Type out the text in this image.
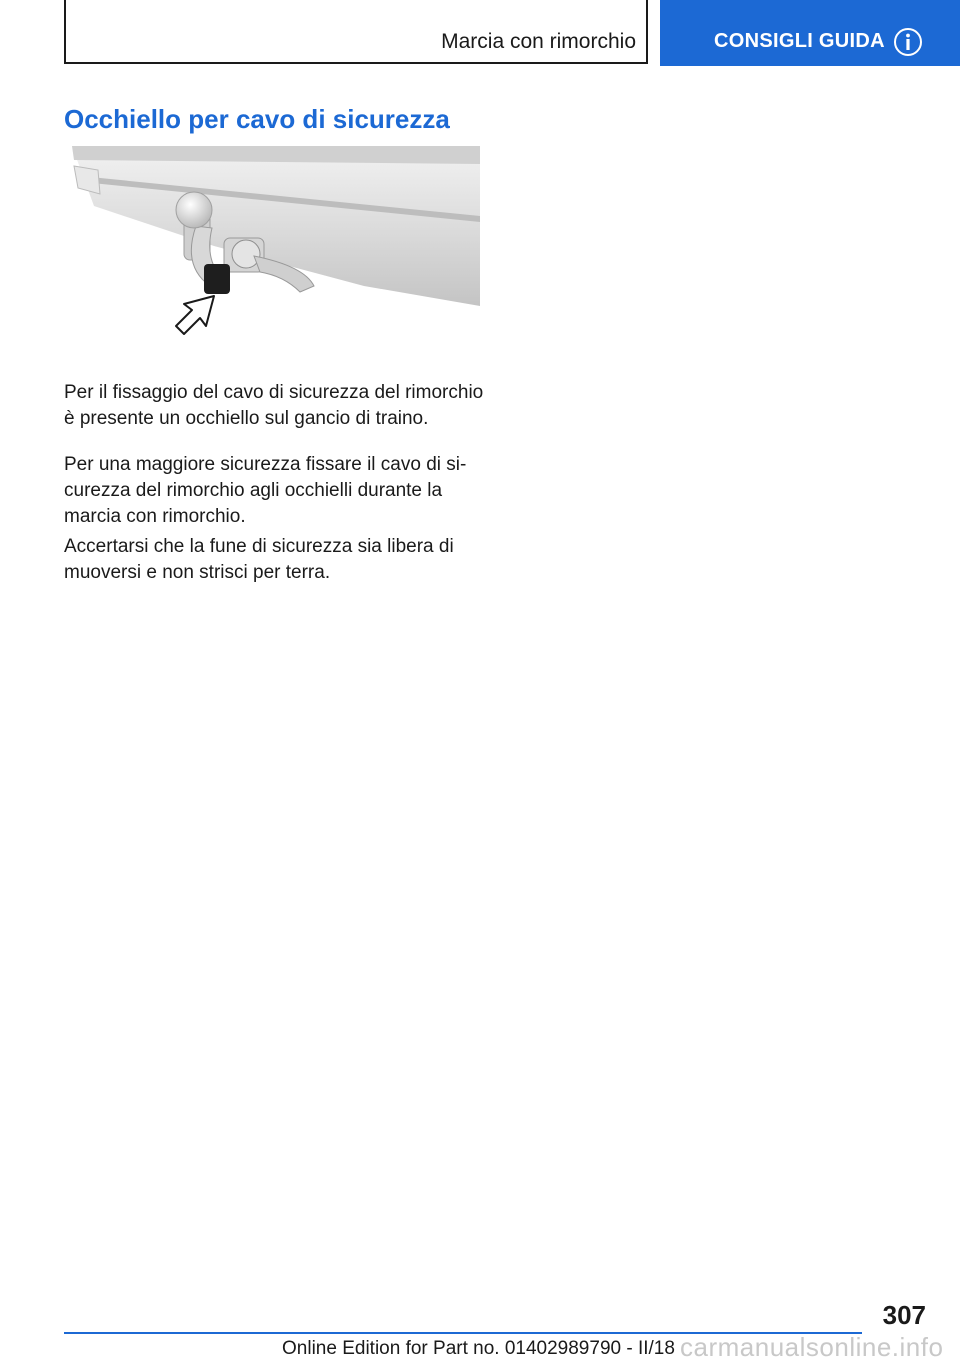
Marcia con rimorchio	CONSIGLI GUIDA
Occhiello per cavo di sicurezza

Per il fissaggio del cavo di sicurezza del rimorchio è presente un occhiello sul gancio di traino.

Per una maggiore sicurezza fissare il cavo di si-curezza del rimorchio agli occhielli durante la marcia con rimorchio.

Accertarsi che la fune di sicurezza sia libera di muoversi e non strisci per terra.

307
Online Edition for Part no. 01402989790 - II/18 carmanualsonline.info
